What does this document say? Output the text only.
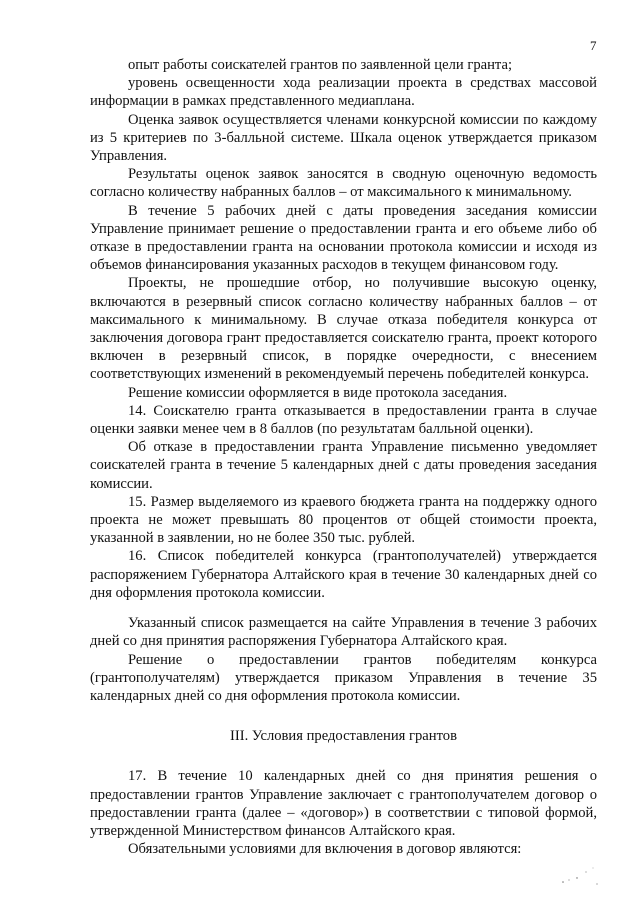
7

опыт работы соискателей грантов по заявленной цели гранта;

уровень освещенности хода реализации проекта в средствах массовой информации в рамках представленного медиаплана.

Оценка заявок осуществляется членами конкурсной комиссии по каждому из 5 критериев по 3-балльной системе. Шкала оценок утверждается приказом Управления.

Результаты оценок заявок заносятся в сводную оценочную ведомость согласно количеству набранных баллов – от максимального к минимальному.

В течение 5 рабочих дней с даты проведения заседания комиссии Управление принимает решение о предоставлении гранта и его объеме либо об отказе в предоставлении гранта на основании протокола комиссии и исходя из объемов финансирования указанных расходов в текущем финансовом году.

Проекты, не прошедшие отбор, но получившие высокую оценку, включаются в резервный список согласно количеству набранных баллов – от максимального к минимальному. В случае отказа победителя конкурса от заключения договора грант предоставляется соискателю гранта, проект которого включен в резервный список, в порядке очередности, с внесением соответствующих изменений в рекомендуемый перечень победителей конкурса.

Решение комиссии оформляется в виде протокола заседания.

14. Соискателю гранта отказывается в предоставлении гранта в случае оценки заявки менее чем в 8 баллов (по результатам балльной оценки).

Об отказе в предоставлении гранта Управление письменно уведомляет соискателей гранта в течение 5 календарных дней с даты проведения заседания комиссии.

15. Размер выделяемого из краевого бюджета гранта на поддержку одного проекта не может превышать 80 процентов от общей стоимости проекта, указанной в заявлении, но не более 350 тыс. рублей.

16. Список победителей конкурса (грантополучателей) утверждается распоряжением Губернатора Алтайского края в течение 30 календарных дней со дня оформления протокола комиссии.

Указанный список размещается на сайте Управления в течение 3 рабочих дней со дня принятия распоряжения Губернатора Алтайского края.

Решение о предоставлении грантов победителям конкурса (грантополучателям) утверждается приказом Управления в течение 35 календарных дней со дня оформления протокола комиссии.

III. Условия предоставления грантов

17. В течение 10 календарных дней со дня принятия решения о предоставлении грантов Управление заключает с грантополучателем договор о предоставлении гранта (далее – «договор») в соответствии с типовой формой, утвержденной Министерством финансов Алтайского края.

Обязательными условиями для включения в договор являются:
